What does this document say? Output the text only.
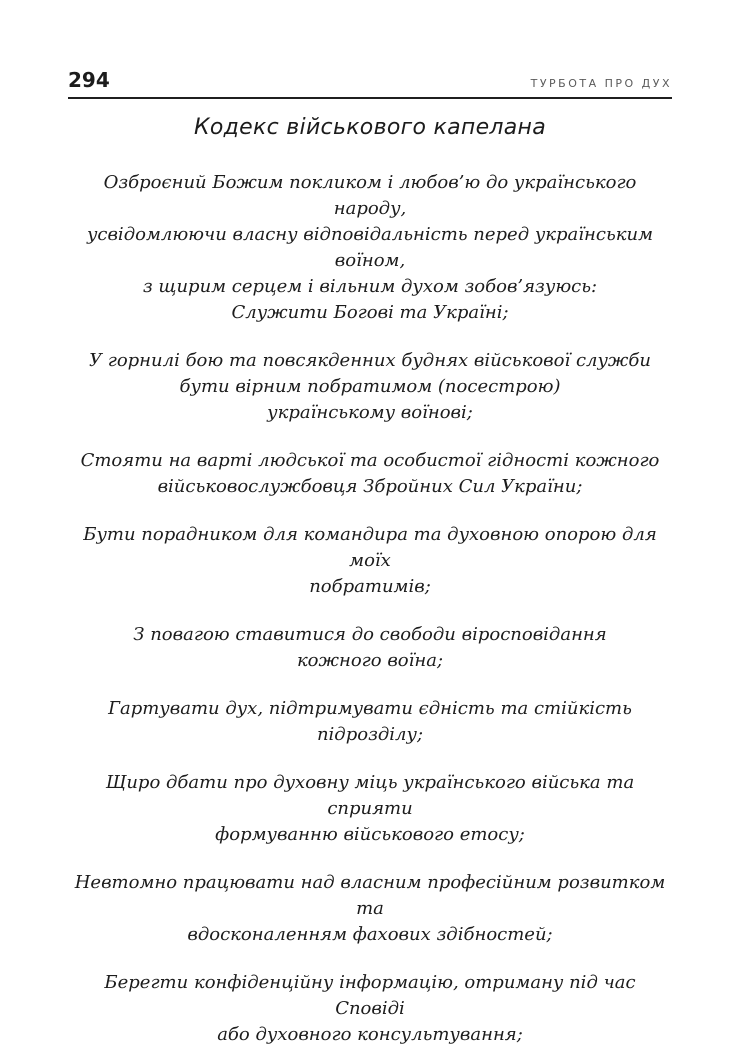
294	ТУРБОТА ПРО ДУХ
Кодекс військового капелана

Озброєний Божим покликом і любов’ю до українського народу,
усвідомлюючи власну відповідальність перед українським
воїном,
з щирим серцем і вільним духом зобов’язуюсь:
Служити Богові та Україні;

У горнилі бою та повсякденних буднях військової служби
бути вірним побратимом (посестрою)
українському воїнові;

Стояти на варті людської та особистої гідності кожного
військовослужбовця Збройних Сил України;

Бути порадником для командира та духовною опорою для моїх
побратимів;

З повагою ставитися до свободи віросповідання
кожного воїна;

Гартувати дух, підтримувати єдність та стійкість
підрозділу;

Щиро дбати про духовну міць українського війська та сприяти
формуванню військового етосу;

Невтомно працювати над власним професійним розвитком та
вдосконаленням фахових здібностей;

Берегти конфіденційну інформацію, отриману під час Сповіді
або духовного консультування;
